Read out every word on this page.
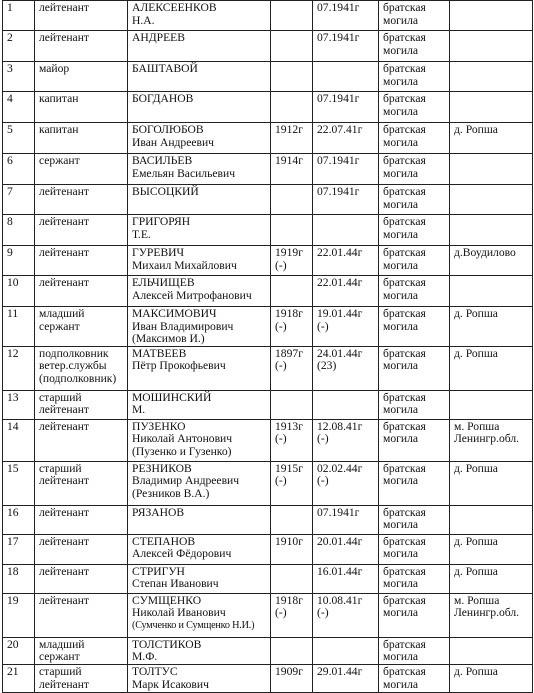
1	лейтенант	АЛЕКСЕЕНКОВ
Н.А.		07.1941г	братская
могила	

2	лейтенант	АНДРЕЕВ		07.1941г	братская
могила	

3	майор	БАШТАВОЙ			братская
могила	

4	капитан	БОГДАНОВ		07.1941г	братская
могила	

5	капитан	БОГОЛЮБОВ
Иван Андреевич	1912г	22.07.41г	братская
могила	д. Ропша

6	сержант	ВАСИЛЬЕВ
Емельян Васильевич	1914г	07.1941г	братская
могила	

7	лейтенант	ВЫСОЦКИЙ		07.1941г	братская
могила	

8	лейтенант	ГРИГОРЯН
Т.Е.			братская
могила	

9	лейтенант	ГУРЕВИЧ
Михаил Михайлович	1919г
(-)	22.01.44г	братская
могила	д.Воудилово

10	лейтенант	ЕЛЬЧИЩЕВ
Алексей Митрофанович		22.01.44г	братская
могила	

11	младший
сержант	МАКСИМОВИЧ
Иван Владимирович
(Максимов И.)	1918г
(-)	19.01.44г
(-)	братская
могила	д. Ропша

12	подполковник
ветер.службы
(подполковник)	МАТВЕЕВ
Пётр Прокофьевич	1897г
(-)	24.01.44г
(23)	братская
могила	д. Ропша

13	старший
лейтенант	МОШИНСКИЙ
М.			братская
могила	

14	лейтенант	ПУЗЕНКО
Николай Антонович
(Пузенко и Гузенко)	1913г
(-)	12.08.41г
(-)	братская
могила	м. Ропша
Ленингр.обл.

15	старший
лейтенант	РЕЗНИКОВ
Владимир Андреевич
(Резников В.А.)	1915г
(-)	02.02.44г
(-)	братская
могила	д. Ропша

16	лейтенант	РЯЗАНОВ		07.1941г	братская
могила	

17	лейтенант	СТЕПАНОВ
Алексей Фёдорович	1910г	20.01.44г	братская
могила	д. Ропша

18	лейтенант	СТРИГУН
Степан Иванович		16.01.44г	братская
могила	д. Ропша

19	лейтенант	СУМЩЕНКО
Николай Иванович
(Сумченко и Сумщенко Н.И.)	1918г
(-)	10.08.41г
(-)	братская
могила	м. Ропша
Ленингр.обл.

20	младший
сержант	ТОЛСТИКОВ
М.Ф.			братская
могила	

21	старший
лейтенант	ТОЛТУС
Марк Исакович	1909г	29.01.44г	братская
могила	д. Ропша
